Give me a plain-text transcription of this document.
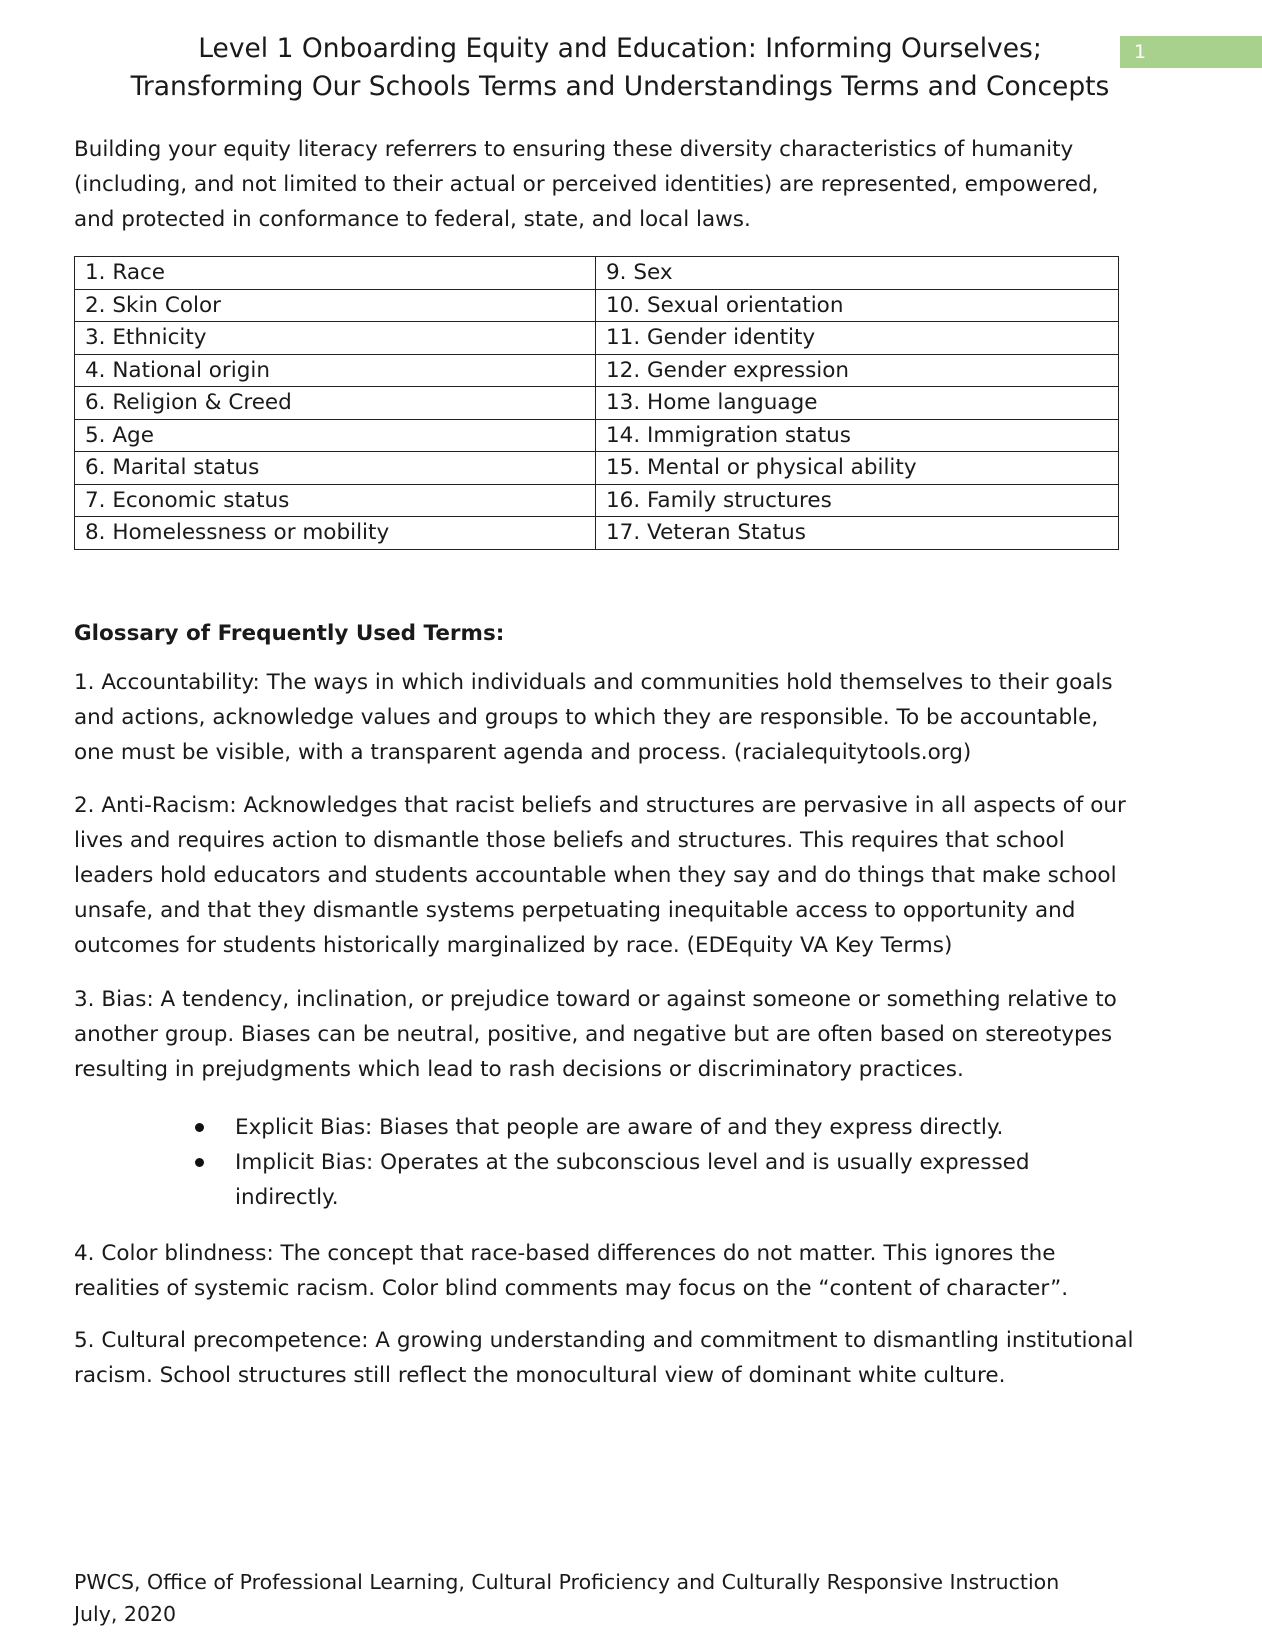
1
Level 1 Onboarding Equity and Education: Informing Ourselves;
Transforming Our Schools Terms and Understandings Terms and Concepts

Building your equity literacy referrers to ensuring these diversity characteristics of humanity (including, and not limited to their actual or perceived identities) are represented, empowered, and protected in conformance to federal, state, and local laws.

1. Race	9. Sex
2. Skin Color	10. Sexual orientation
3. Ethnicity	11. Gender identity
4. National origin	12. Gender expression
6. Religion & Creed	13. Home language
5. Age	14. Immigration status
6. Marital status	15. Mental or physical ability
7. Economic status	16. Family structures
8. Homelessness or mobility	17. Veteran Status
Glossary of Frequently Used Terms:

1. Accountability: The ways in which individuals and communities hold themselves to their goals and actions, acknowledge values and groups to which they are responsible. To be accountable, one must be visible, with a transparent agenda and process. (racialequitytools.org)

2. Anti-Racism: Acknowledges that racist beliefs and structures are pervasive in all aspects of our lives and requires action to dismantle those beliefs and structures. This requires that school leaders hold educators and students accountable when they say and do things that make school unsafe, and that they dismantle systems perpetuating inequitable access to opportunity and outcomes for students historically marginalized by race. (EDEquity VA Key Terms)

3. Bias: A tendency, inclination, or prejudice toward or against someone or something relative to another group. Biases can be neutral, positive, and negative but are often based on stereotypes resulting in prejudgments which lead to rash decisions or discriminatory practices.

Explicit Bias: Biases that people are aware of and they express directly.
Implicit Bias: Operates at the subconscious level and is usually expressed indirectly.

4. Color blindness: The concept that race-based differences do not matter. This ignores the realities of systemic racism. Color blind comments may focus on the “content of character”.

5. Cultural precompetence: A growing understanding and commitment to dismantling institutional racism. School structures still reflect the monocultural view of dominant white culture.

PWCS, Office of Professional Learning, Cultural Proficiency and Culturally Responsive Instruction
July, 2020
